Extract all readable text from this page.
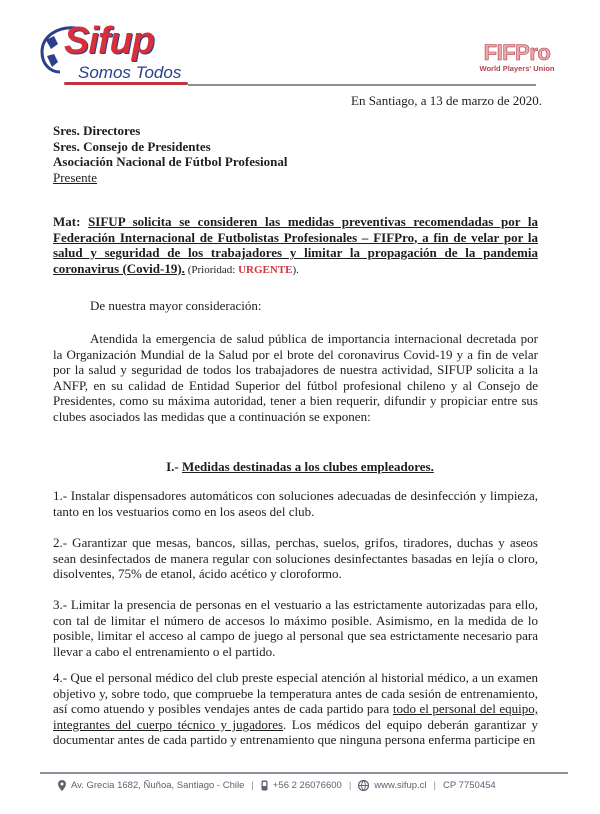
Sifup
Somos Todos
FIFPro
World Players' Union
En Santiago, a 13 de marzo de 2020.
Sres. Directores
Sres. Consejo de Presidentes
Asociación Nacional de Fútbol Profesional
Presente
Mat: SIFUP solicita se consideren las medidas preventivas recomendadas por la Federación Internacional de Futbolistas Profesionales – FIFPro, a fin de velar por la salud y seguridad de los trabajadores y limitar la propagación de la pandemia coronavirus (Covid-19). (Prioridad: URGENTE).
De nuestra mayor consideración:
Atendida la emergencia de salud pública de importancia internacional decretada por la Organización Mundial de la Salud por el brote del coronavirus Covid-19 y a fin de velar por la salud y seguridad de todos los trabajadores de nuestra actividad, SIFUP solicita a la ANFP, en su calidad de Entidad Superior del fútbol profesional chileno y al Consejo de Presidentes, como su máxima autoridad, tener a bien requerir, difundir y propiciar entre sus clubes asociados las medidas que a continuación se exponen:
I.- Medidas destinadas a los clubes empleadores.
1.- Instalar dispensadores automáticos con soluciones adecuadas de desinfección y limpieza, tanto en los vestuarios como en los aseos del club.
2.- Garantizar que mesas, bancos, sillas, perchas, suelos, grifos, tiradores, duchas y aseos sean desinfectados de manera regular con soluciones desinfectantes basadas en lejía o cloro, disolventes, 75% de etanol, ácido acético y cloroformo.
3.- Limitar la presencia de personas en el vestuario a las estrictamente autorizadas para ello, con tal de limitar el número de accesos lo máximo posible. Asimismo, en la medida de lo posible, limitar el acceso al campo de juego al personal que sea estrictamente necesario para llevar a cabo el entrenamiento o el partido.
4.- Que el personal médico del club preste especial atención al historial médico, a un examen objetivo y, sobre todo, que compruebe la temperatura antes de cada sesión de entrenamiento, así como atuendo y posibles vendajes antes de cada partido para todo el personal del equipo, integrantes del cuerpo técnico y jugadores. Los médicos del equipo deberán garantizar y documentar antes de cada partido y entrenamiento que ninguna persona enferma participe en
Av. Grecia 1682, Ñuñoa, Santiago - Chile | +56 2 26076600 | www.sifup.cl | CP 7750454
